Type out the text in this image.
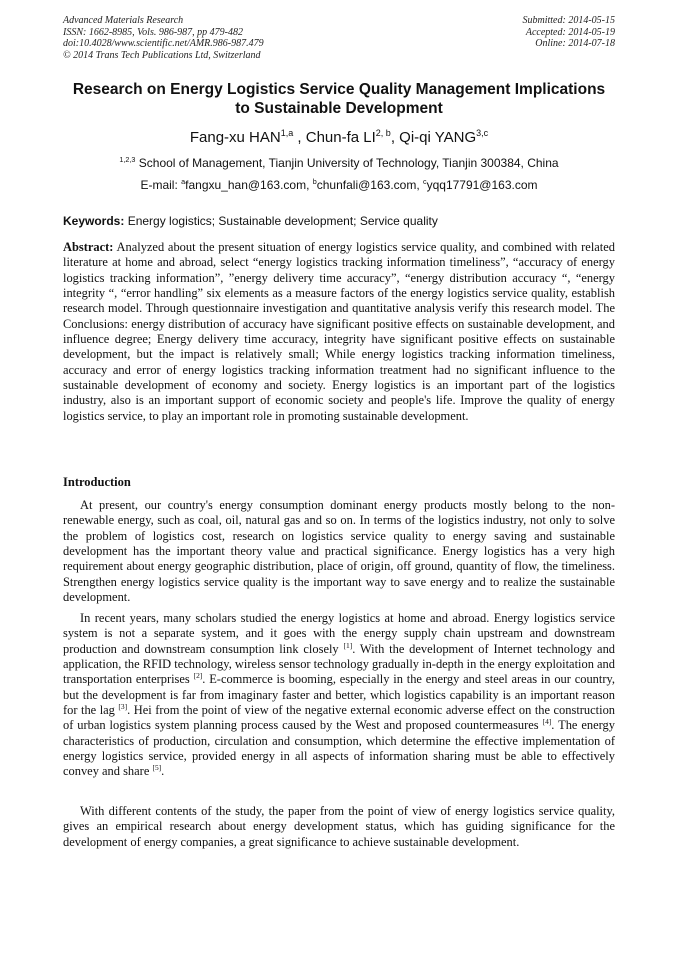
Advanced Materials Research
ISSN: 1662-8985, Vols. 986-987, pp 479-482
doi:10.4028/www.scientific.net/AMR.986-987.479
© 2014 Trans Tech Publications Ltd, Switzerland
Submitted: 2014-05-15
Accepted: 2014-05-19
Online: 2014-07-18
Research on Energy Logistics Service Quality Management Implications
to Sustainable Development
Fang-xu HAN$^{1,a}$ , Chun-fa LI$^{2, b}$, Qi-qi YANG$^{3,c}$
$^{1,2,3}$ School of Management, Tianjin University of Technology, Tianjin 300384, China
E-mail: $^a$fangxu_han@163.com, $^b$chunfali@163.com, $^c$yqq17791@163.com
Keywords: Energy logistics; Sustainable development; Service quality
Abstract: Analyzed about the present situation of energy logistics service quality, and combined with related literature at home and abroad, select “energy logistics tracking information timeliness”, “accuracy of energy logistics tracking information”, ”energy delivery time accuracy”, “energy distribution accuracy “, “energy integrity “, “error handling” six elements as a measure factors of the energy logistics service quality, establish research model. Through questionnaire investigation and quantitative analysis verify this research model. The Conclusions: energy distribution of accuracy have significant positive effects on sustainable development, and influence degree; Energy delivery time accuracy, integrity have significant positive effects on sustainable development, but the impact is relatively small; While energy logistics tracking information timeliness, accuracy and error of energy logistics tracking information treatment had no significant influence to the sustainable development of economy and society. Energy logistics is an important part of the logistics industry, also is an important support of economic society and people's life. Improve the quality of energy logistics service, to play an important role in promoting sustainable development.
Introduction

At present, our country's energy consumption dominant energy products mostly belong to the non-renewable energy, such as coal, oil, natural gas and so on. In terms of the logistics industry, not only to solve the problem of logistics cost, research on logistics service quality to energy saving and sustainable development has the important theory value and practical significance. Energy logistics has a very high requirement about energy geographic distribution, place of origin, off ground, quantity of flow, the timeliness. Strengthen energy logistics service quality is the important way to save energy and to realize the sustainable development.

In recent years, many scholars studied the energy logistics at home and abroad. Energy logistics service system is not a separate system, and it goes with the energy supply chain upstream and downstream production and downstream consumption link closely [1]. With the development of Internet technology and application, the RFID technology, wireless sensor technology gradually in-depth in the energy exploitation and transportation enterprises [2]. E-commerce is booming, especially in the energy and steel areas in our country, but the development is far from imaginary faster and better, which logistics capability is an important reason for the lag [3]. Hei from the point of view of the negative external economic adverse effect on the construction of urban logistics system planning process caused by the West and proposed countermeasures [4]. The energy characteristics of production, circulation and consumption, which determine the effective implementation of energy logistics service, provided energy in all aspects of information sharing must be able to effectively convey and share [5].

With different contents of the study, the paper from the point of view of energy logistics service quality, gives an empirical research about energy development status, which has guiding significance for the development of energy companies, a great significance to achieve sustainable development.
